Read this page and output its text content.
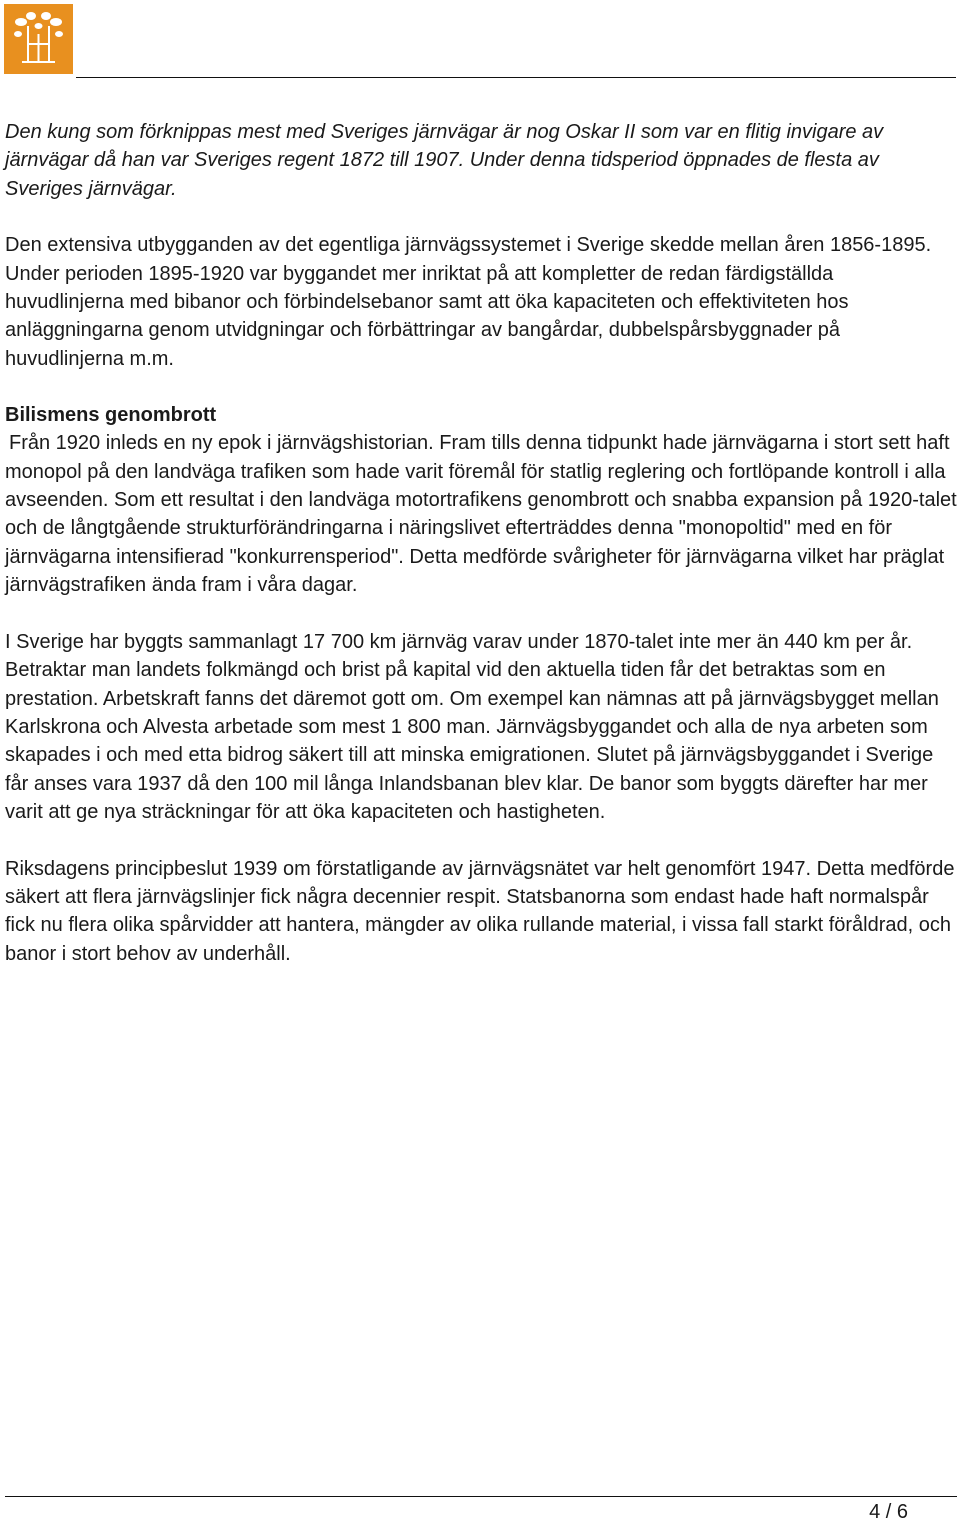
Den kung som förknippas mest med Sveriges järnvägar är nog Oskar II som var en flitig invigare av järnvägar då han var Sveriges regent 1872 till 1907. Under denna tidsperiod öppnades de flesta av Sveriges järnvägar.

Den extensiva utbygganden av det egentliga järnvägssystemet i Sverige skedde mellan åren 1856-1895. Under perioden 1895-1920 var byggandet mer inriktat på att kompletter de redan färdigställda huvudlinjerna med bibanor och förbindelsebanor samt att öka kapaciteten och effektiviteten hos anläggningarna genom utvidgningar och förbättringar av bangårdar, dubbelspårsbyggnader på huvudlinjerna m.m.

Bilismens genombrott

Från 1920 inleds en ny epok i järnvägshistorian. Fram tills denna tidpunkt hade järnvägarna i stort sett haft monopol på den landväga trafiken som hade varit föremål för statlig reglering och fortlöpande kontroll i alla avseenden. Som ett resultat i den landväga motortrafikens genombrott och snabba expansion på 1920-talet och de långtgående strukturförändringarna i näringslivet efterträddes denna "monopoltid" med en för järnvägarna intensifierad "konkurrensperiod". Detta medförde svårigheter för järnvägarna vilket har präglat järnvägstrafiken ända fram i våra dagar.

I Sverige har byggts sammanlagt 17 700 km järnväg varav under 1870-talet inte mer än 440 km per år. Betraktar man landets folkmängd och brist på kapital vid den aktuella tiden får det betraktas som en prestation. Arbetskraft fanns det däremot gott om. Om exempel kan nämnas att på järnvägsbygget mellan Karlskrona och Alvesta arbetade som mest 1 800 man. Järnvägsbyggandet och alla de nya arbeten som skapades i och med etta bidrog säkert till att minska emigrationen. Slutet på järnvägsbyggandet i Sverige får anses vara 1937 då den 100 mil långa Inlandsbanan blev klar. De banor som byggts därefter har mer varit att ge nya sträckningar för att öka kapaciteten och hastigheten.

Riksdagens principbeslut 1939 om förstatligande av järnvägsnätet var helt genomfört 1947. Detta medförde säkert att flera järnvägslinjer fick några decennier respit. Statsbanorna som endast hade haft normalspår fick nu flera olika spårvidder att hantera, mängder av olika rullande material, i vissa fall starkt föråldrad, och banor i stort behov av underhåll.

4 / 6
